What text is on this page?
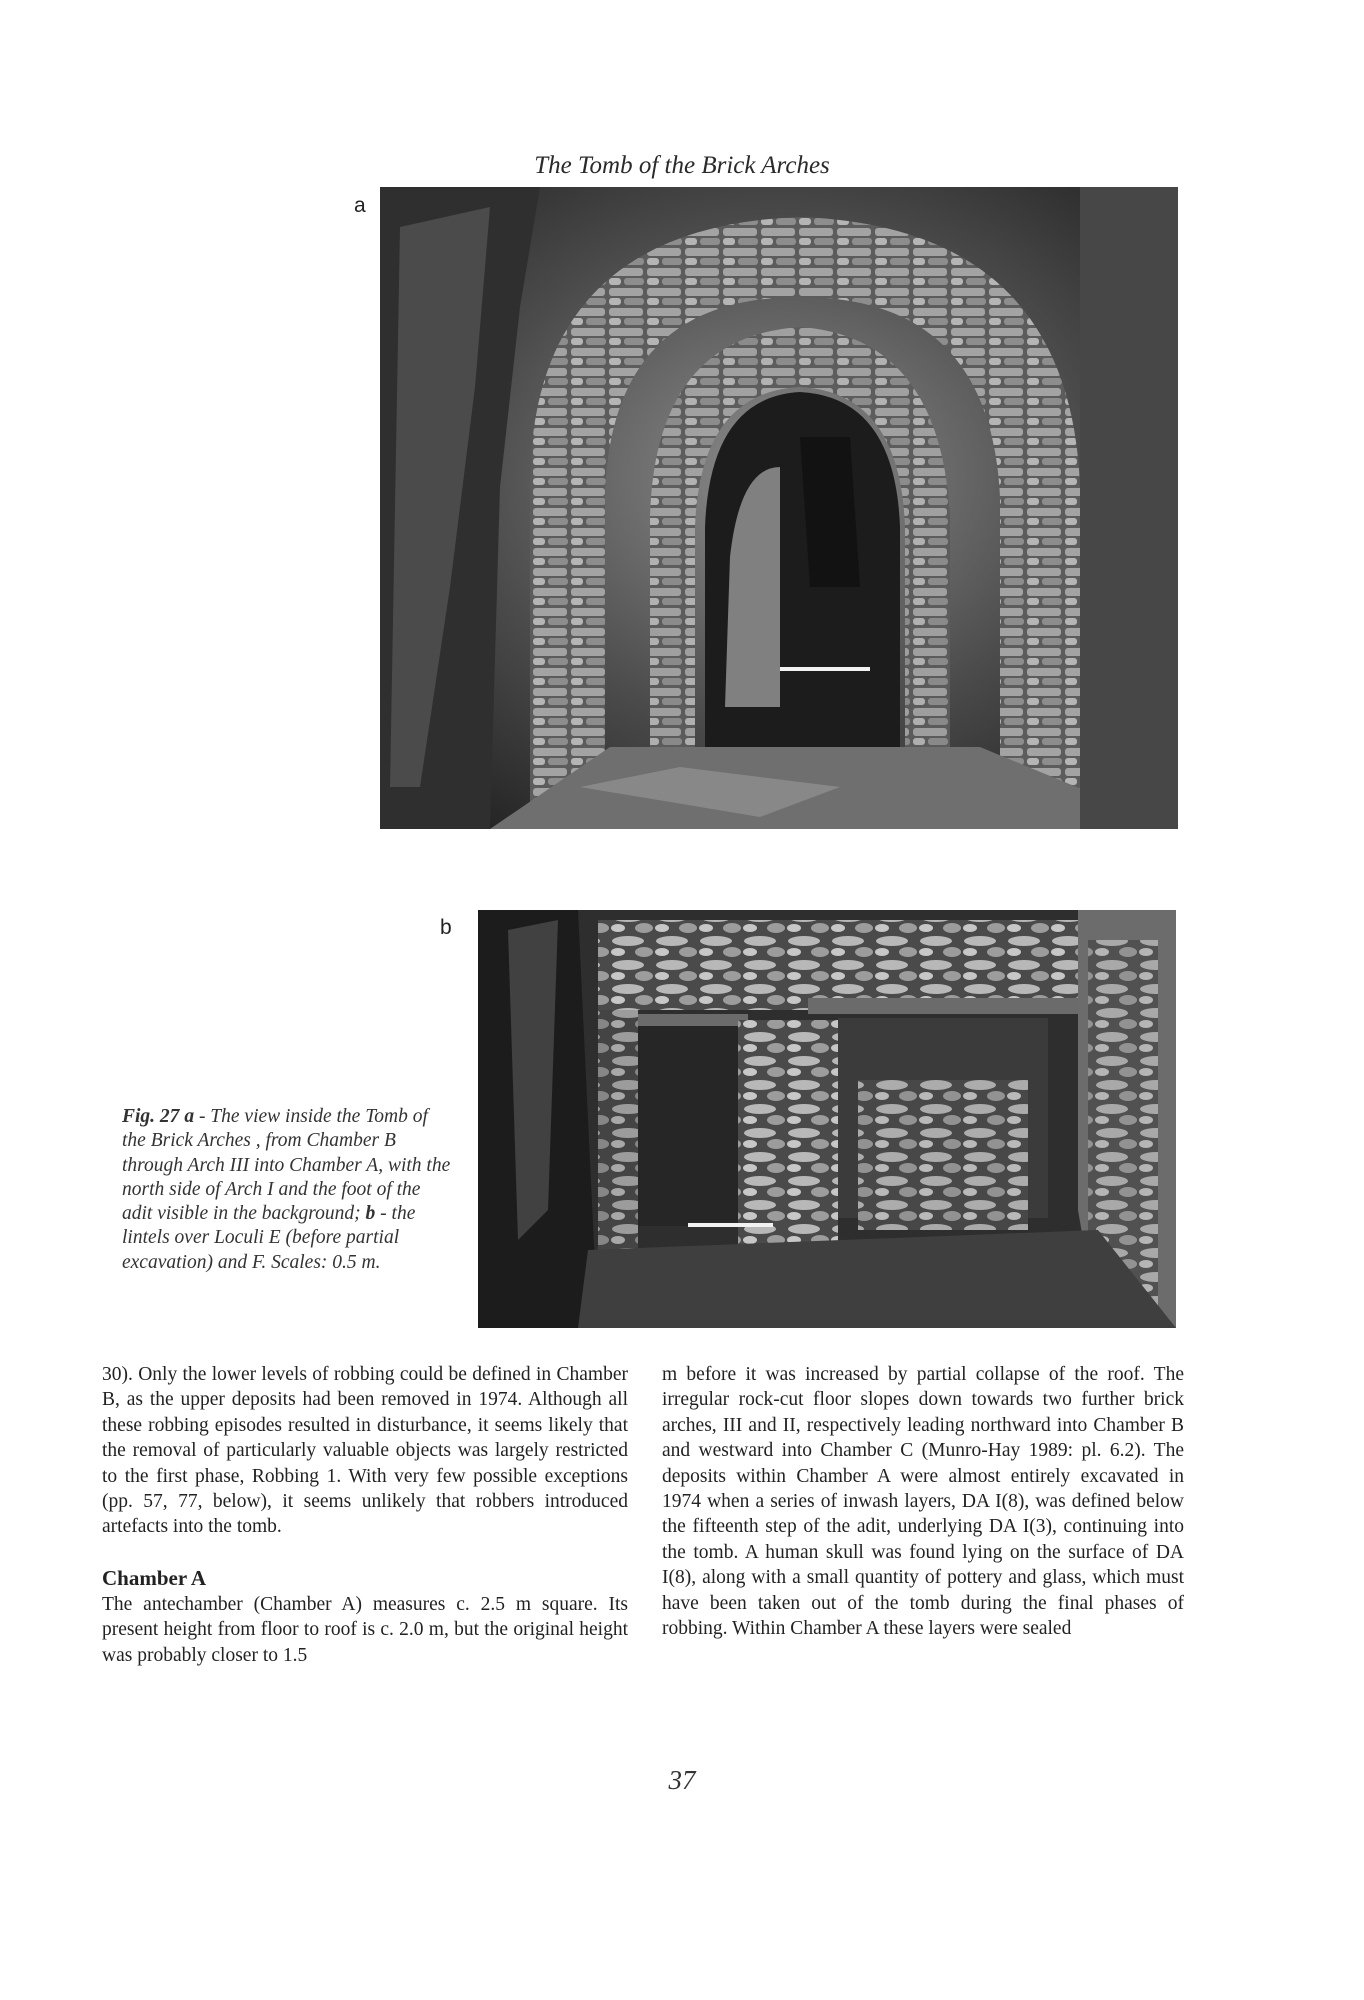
The Tomb of the Brick Arches
a
b
Fig. 27 a - The view inside the Tomb of the Brick Arches , from Chamber B through Arch III into Chamber A, with the north side of Arch I and the foot of the adit visible in the background; b - the lintels over Loculi E (before partial excavation) and F. Scales: 0.5 m.

30). Only the lower levels of robbing could be defined in Chamber B, as the upper deposits had been removed in 1974. Although all these robbing episodes resulted in disturbance, it seems likely that the removal of particularly valuable objects was largely restricted to the first phase, Robbing 1. With very few possible exceptions (pp. 57, 77, below), it seems unlikely that robbers introduced artefacts into the tomb.

Chamber A

The antechamber (Chamber A) measures c. 2.5 m square. Its present height from floor to roof is c. 2.0 m, but the original height was probably closer to 1.5

m before it was increased by partial collapse of the roof. The irregular rock-cut floor slopes down towards two further brick arches, III and II, respectively leading northward into Chamber B and westward into Chamber C (Munro-Hay 1989: pl. 6.2). The deposits within Chamber A were almost entirely excavated in 1974 when a series of inwash layers, DA I(8), was defined below the fifteenth step of the adit, underlying DA I(3), continuing into the tomb. A human skull was found lying on the surface of DA I(8), along with a small quantity of pottery and glass, which must have been taken out of the tomb during the final phases of robbing. Within Chamber A these layers were sealed

37
